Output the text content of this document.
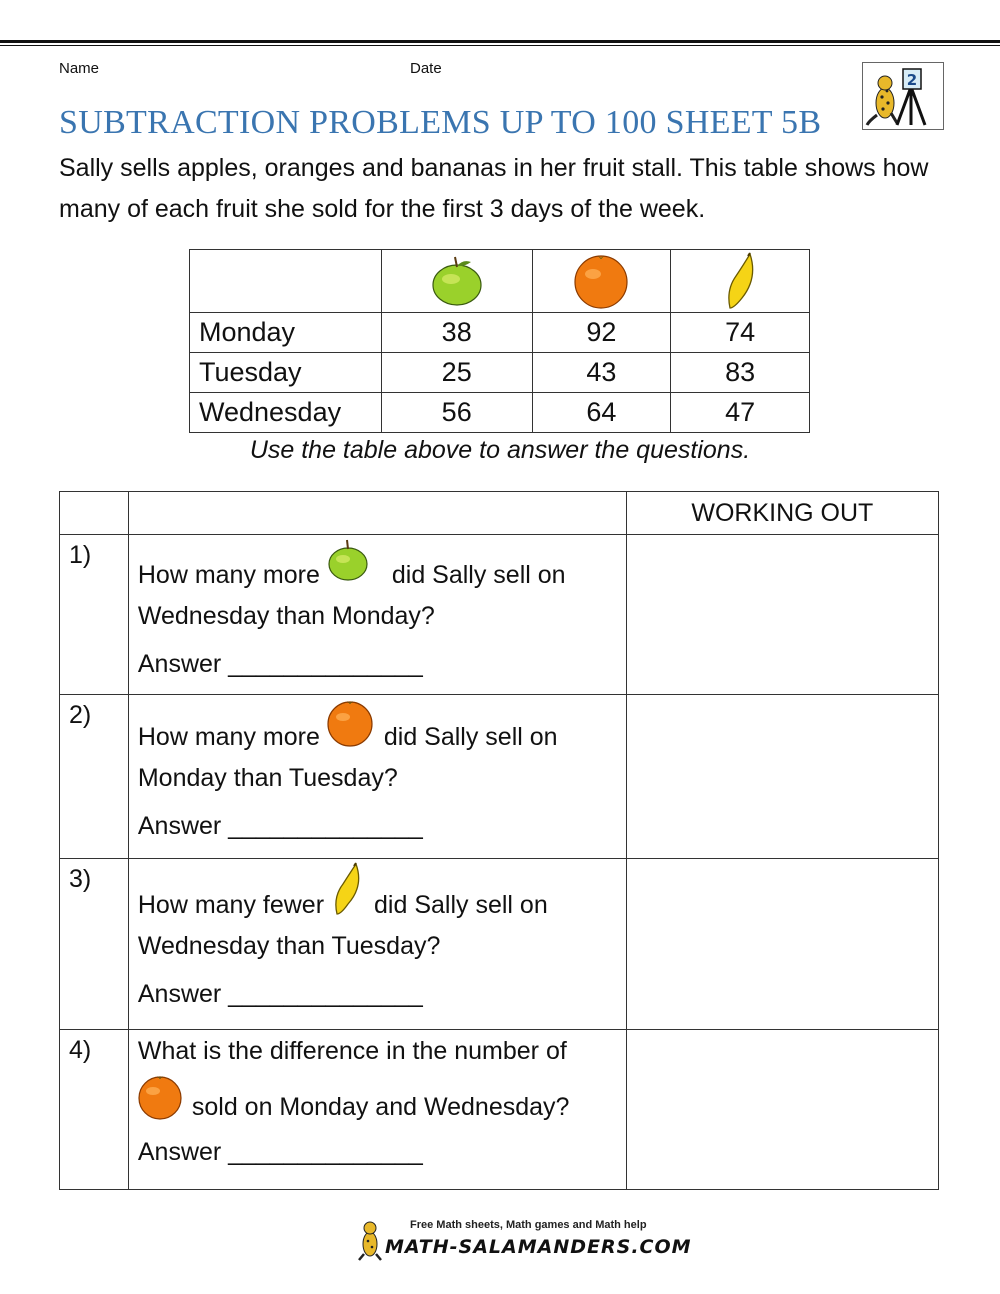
Name	Date
2
SUBTRACTION PROBLEMS UP TO 100 SHEET 5B

Sally sells apples, oranges and bananas in her fruit stall. This table shows how many of each fruit she sold for the first 3 days of the week.

Monday	38	92	74
Tuesday	25	43	83
Wednesday	56	64	47
Use the table above to answer the questions.
		WORKING OUT
1)	How many more did Sally sell on
Wednesday than Monday?
Answer ______________	

2)	How many more did Sally sell on
Monday than Tuesday?
Answer ______________	

3)	How many fewer did Sally sell on
Wednesday than Tuesday?
Answer ______________	

4)	What is the difference in the number of
sold on Monday and Wednesday?
Answer ______________	

Free Math sheets, Math games and Math help
MATH-SALAMANDERS.COM
